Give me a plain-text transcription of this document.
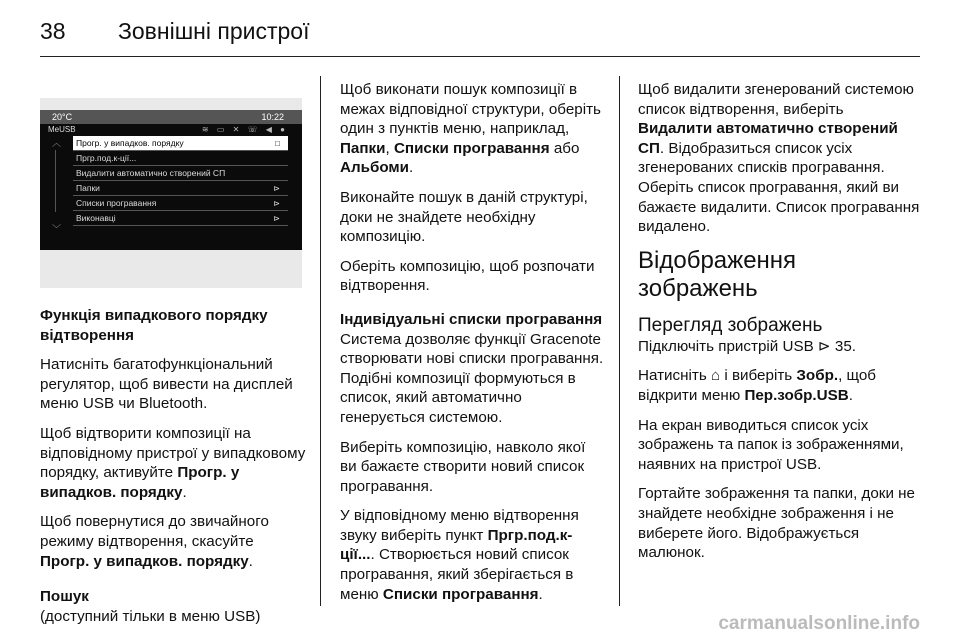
38 Зовнішні пристрої
20°C	10:22
MeUSB	≋ ▭ ✕ ☏ ◀ ●
︿
﹀
Прогр. у випадков. порядку	□
Пргр.под.к-ції...
Видалити автоматично створений СП
Папки	⊳
Списки програвання	⊳
Виконавці	⊳

Функція випадкового порядку відтворення

Натисніть багатофункціональний регулятор, щоб вивести на дисплей меню USB чи Bluetooth.

Щоб відтворити композиції на відповідному пристрої у випадковому порядку, активуйте Прогр. у випадков. порядку.

Щоб повернутися до звичайного режиму відтворення, скасуйте Прогр. у випадков. порядку.

Пошук

(доступний тільки в меню USB)

Щоб виконати пошук композиції в межах відповідної структури, оберіть один з пунктів меню, наприклад, Папки, Списки програвання або Альбоми.

Виконайте пошук в даній структурі, доки не знайдете необхідну композицію.

Оберіть композицію, щоб розпочати відтворення.

Індивідуальні списки програвання

Система дозволяє функції Gracenote створювати нові списки програвання. Подібні композиції формуються в список, який автоматично генерується системою.

Виберіть композицію, навколо якої ви бажаєте створити новий список програвання.

У відповідному меню відтворення звуку виберіть пункт Пргр.под.к-ції.... Створюється новий список програвання, який зберігається в меню Списки програвання.

Щоб видалити згенерований системою список відтворення, виберіть Видалити автоматично створений СП. Відобразиться список усіх згенерованих списків програвання. Оберіть список програвання, який ви бажаєте видалити. Список програвання видалено.

Відображення зображень
Перегляд зображень

Підключіть пристрій USB ⊳ 35.

Натисніть ⌂ і виберіть Зобр., щоб відкрити меню Пер.зобр.USB.

На екран виводиться список усіх зображень та папок із зображеннями, наявних на пристрої USB.

Гортайте зображення та папки, доки не знайдете необхідне зображення і не виберете його. Відображується малюнок.

carmanualsonline.info
